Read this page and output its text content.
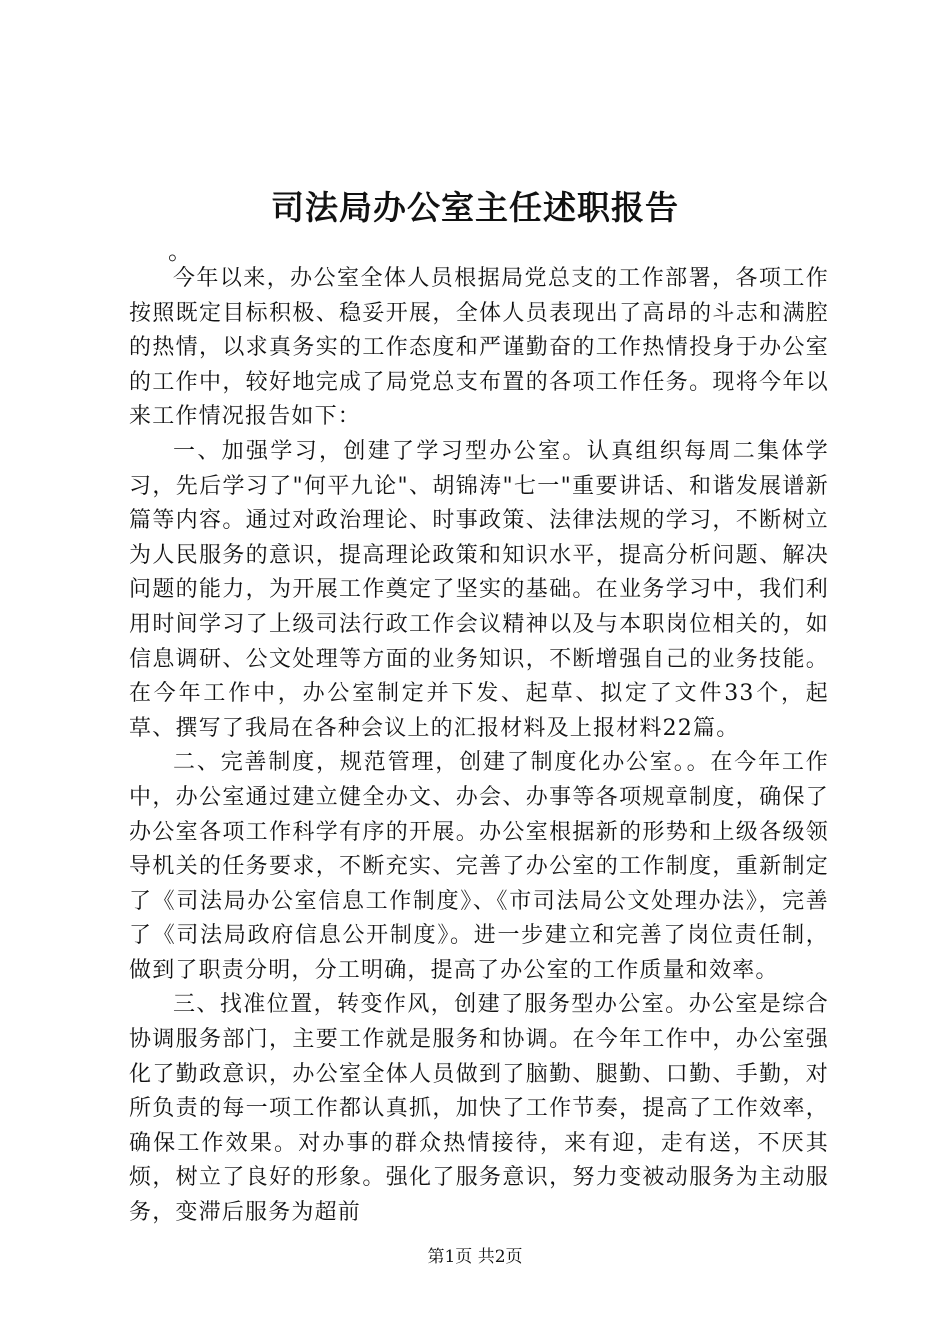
司法局办公室主任述职报告
。

今年以来，办公室全体人员根据局党总支的工作部署，各项工作按照既定目标积极、稳妥开展，全体人员表现出了高昂的斗志和满腔的热情，以求真务实的工作态度和严谨勤奋的工作热情投身于办公室的工作中，较好地完成了局党总支布置的各项工作任务。现将今年以来工作情况报告如下：

一、加强学习，创建了学习型办公室。认真组织每周二集体学习，先后学习了"何平九论"、胡锦涛"七一"重要讲话、和谐发展谱新篇等内容。通过对政治理论、时事政策、法律法规的学习，不断树立为人民服务的意识，提高理论政策和知识水平，提高分析问题、解决问题的能力，为开展工作奠定了坚实的基础。在业务学习中，我们利用时间学习了上级司法行政工作会议精神以及与本职岗位相关的，如信息调研、公文处理等方面的业务知识，不断增强自己的业务技能。在今年工作中，办公室制定并下发、起草、拟定了文件33个，起草、撰写了我局在各种会议上的汇报材料及上报材料22篇。

二、完善制度，规范管理，创建了制度化办公室。。在今年工作中，办公室通过建立健全办文、办会、办事等各项规章制度，确保了办公室各项工作科学有序的开展。办公室根据新的形势和上级各级领导机关的任务要求，不断充实、完善了办公室的工作制度，重新制定了《司法局办公室信息工作制度》、《市司法局公文处理办法》，完善了《司法局政府信息公开制度》。进一步建立和完善了岗位责任制，做到了职责分明，分工明确，提高了办公室的工作质量和效率。

三、找准位置，转变作风，创建了服务型办公室。办公室是综合协调服务部门，主要工作就是服务和协调。在今年工作中，办公室强化了勤政意识，办公室全体人员做到了脑勤、腿勤、口勤、手勤，对所负责的每一项工作都认真抓，加快了工作节奏，提高了工作效率，确保工作效果。对办事的群众热情接待，来有迎，走有送，不厌其烦，树立了良好的形象。强化了服务意识，努力变被动服务为主动服务，变滞后服务为超前

第1页 共2页
